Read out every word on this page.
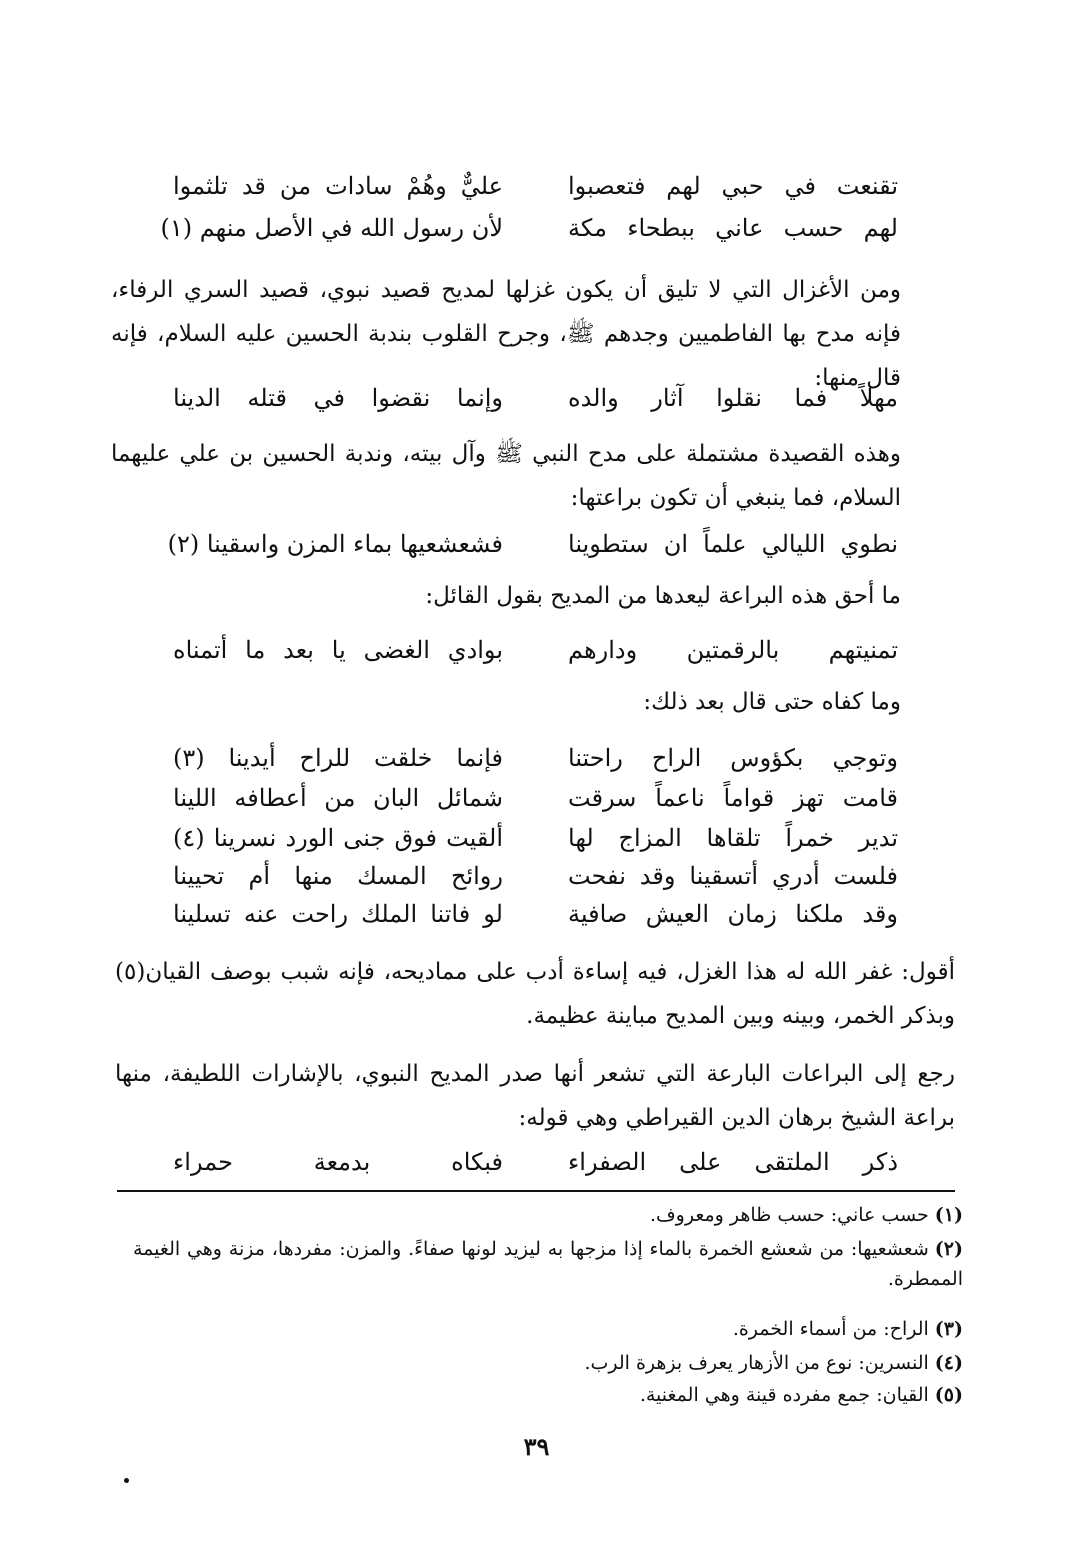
تقنعت في حبي لهم فتعصبوا
عليٌّ وهُمْ سادات من قد تلثموا
لهم حسب عاني ببطحاء مكة
لأن رسول الله في الأصل منهم (١)
ومن الأغزال التي لا تليق أن يكون غزلها لمديح قصيد نبوي، قصيد السري الرفاء، فإنه مدح بها الفاطميين وجدهم ﷺ، وجرح القلوب بندبة الحسين عليه السلام، فإنه قال منها:
مهلاً فما نقلوا آثار والده
وإنما نقضوا في قتله الدينا
وهذه القصيدة مشتملة على مدح النبي ﷺ وآل بيته، وندبة الحسين بن علي عليهما السلام، فما ينبغي أن تكون براعتها:
نطوي الليالي علماً ان ستطوينا
فشعشعيها بماء المزن واسقينا (٢)
ما أحق هذه البراعة ليعدها من المديح بقول القائل:
تمنيتهم بالرقمتين ودارهم
بوادي الغضى يا بعد ما أتمناه
وما كفاه حتى قال بعد ذلك:
وتوجي بكؤوس الراح راحتنا
فإنما خلقت للراح أيدينا (٣)
قامت تهز قواماً ناعماً سرقت
شمائل البان من أعطافه اللينا
تدير خمراً تلقاها المزاج لها
ألقيت فوق جنى الورد نسرينا (٤)
فلست أدري أتسقينا وقد نفحت
روائح المسك منها أم تحيينا
وقد ملكنا زمان العيش صافية
لو فاتنا الملك راحت عنه تسلينا
أقول: غفر الله له هذا الغزل، فيه إساءة أدب على مماديحه، فإنه شبب بوصف القيان(٥) وبذكر الخمر، وبينه وبين المديح مباينة عظيمة.
رجع إلى البراعات البارعة التي تشعر أنها صدر المديح النبوي، بالإشارات اللطيفة، منها براعة الشيخ برهان الدين القيراطي وهي قوله:
ذكر الملتقى على الصفراء
فبكاه بدمعة حمراء
(١)حسب عاني: حسب ظاهر ومعروف.
(٢)شعشعيها: من شعشع الخمرة بالماء إذا مزجها به ليزيد لونها صفاءً. والمزن: مفردها، مزنة وهي الغيمة الممطرة.
(٣)الراح: من أسماء الخمرة.
(٤)النسرين: نوع من الأزهار يعرف بزهرة الرب.
(٥)القيان: جمع مفرده قينة وهي المغنية.
٣٩
